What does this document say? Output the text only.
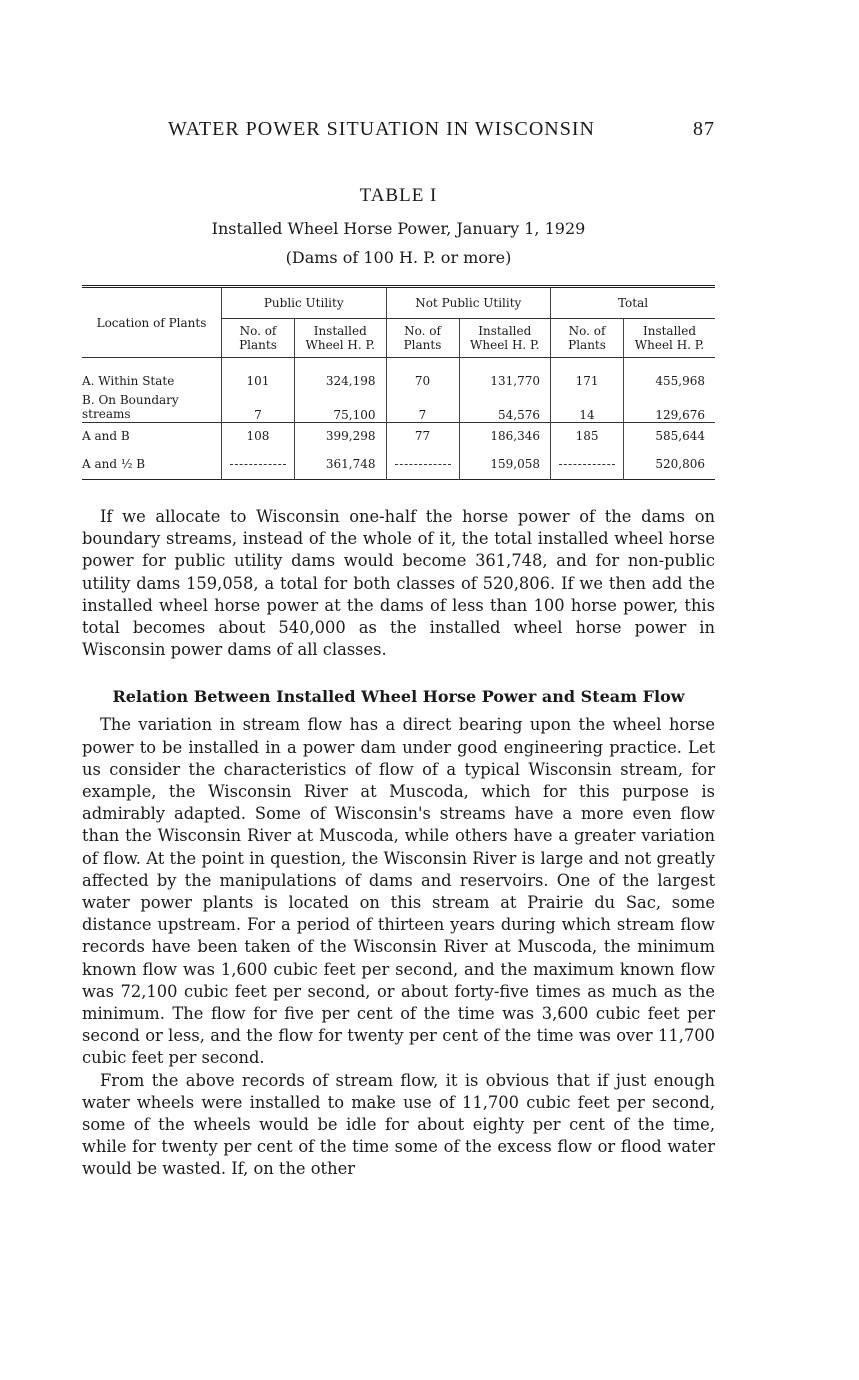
WATER POWER SITUATION IN WISCONSIN	87
TABLE I
Installed Wheel Horse Power, January 1, 1929
(Dams of 100 H. P. or more)
Location of Plants	Public Utility		Not Public Utility		Total	
	No. of Plants	Installed Wheel H. P.	No. of Plants	Installed Wheel H. P.	No. of Plants	Installed Wheel H. P.

A. Within State	101	324,198	70	131,770	171	455,968
B. On Boundary streams	7	75,100	7	54,576	14	129,676
A and B	108	399,298	77	186,346	185	585,644
A and ½ B		361,748		159,058		520,806

If we allocate to Wisconsin one-half the horse power of the dams on boundary streams, instead of the whole of it, the total installed wheel horse power for public utility dams would become 361,748, and for non-public utility dams 159,058, a total for both classes of 520,806. If we then add the installed wheel horse power at the dams of less than 100 horse power, this total becomes about 540,000 as the installed wheel horse power in Wisconsin power dams of all classes.

Relation Between Installed Wheel Horse Power and Steam Flow

The variation in stream flow has a direct bearing upon the wheel horse power to be installed in a power dam under good engineering practice. Let us consider the characteristics of flow of a typical Wisconsin stream, for example, the Wisconsin River at Muscoda, which for this purpose is admirably adapted. Some of Wisconsin's streams have a more even flow than the Wisconsin River at Muscoda, while others have a greater variation of flow. At the point in question, the Wisconsin River is large and not greatly affected by the manipulations of dams and reservoirs. One of the largest water power plants is located on this stream at Prairie du Sac, some distance upstream. For a period of thirteen years during which stream flow records have been taken of the Wisconsin River at Muscoda, the minimum known flow was 1,600 cubic feet per second, and the maximum known flow was 72,100 cubic feet per second, or about forty-five times as much as the minimum. The flow for five per cent of the time was 3,600 cubic feet per second or less, and the flow for twenty per cent of the time was over 11,700 cubic feet per second.

From the above records of stream flow, it is obvious that if just enough water wheels were installed to make use of 11,700 cubic feet per second, some of the wheels would be idle for about eighty per cent of the time, while for twenty per cent of the time some of the excess flow or flood water would be wasted. If, on the other
